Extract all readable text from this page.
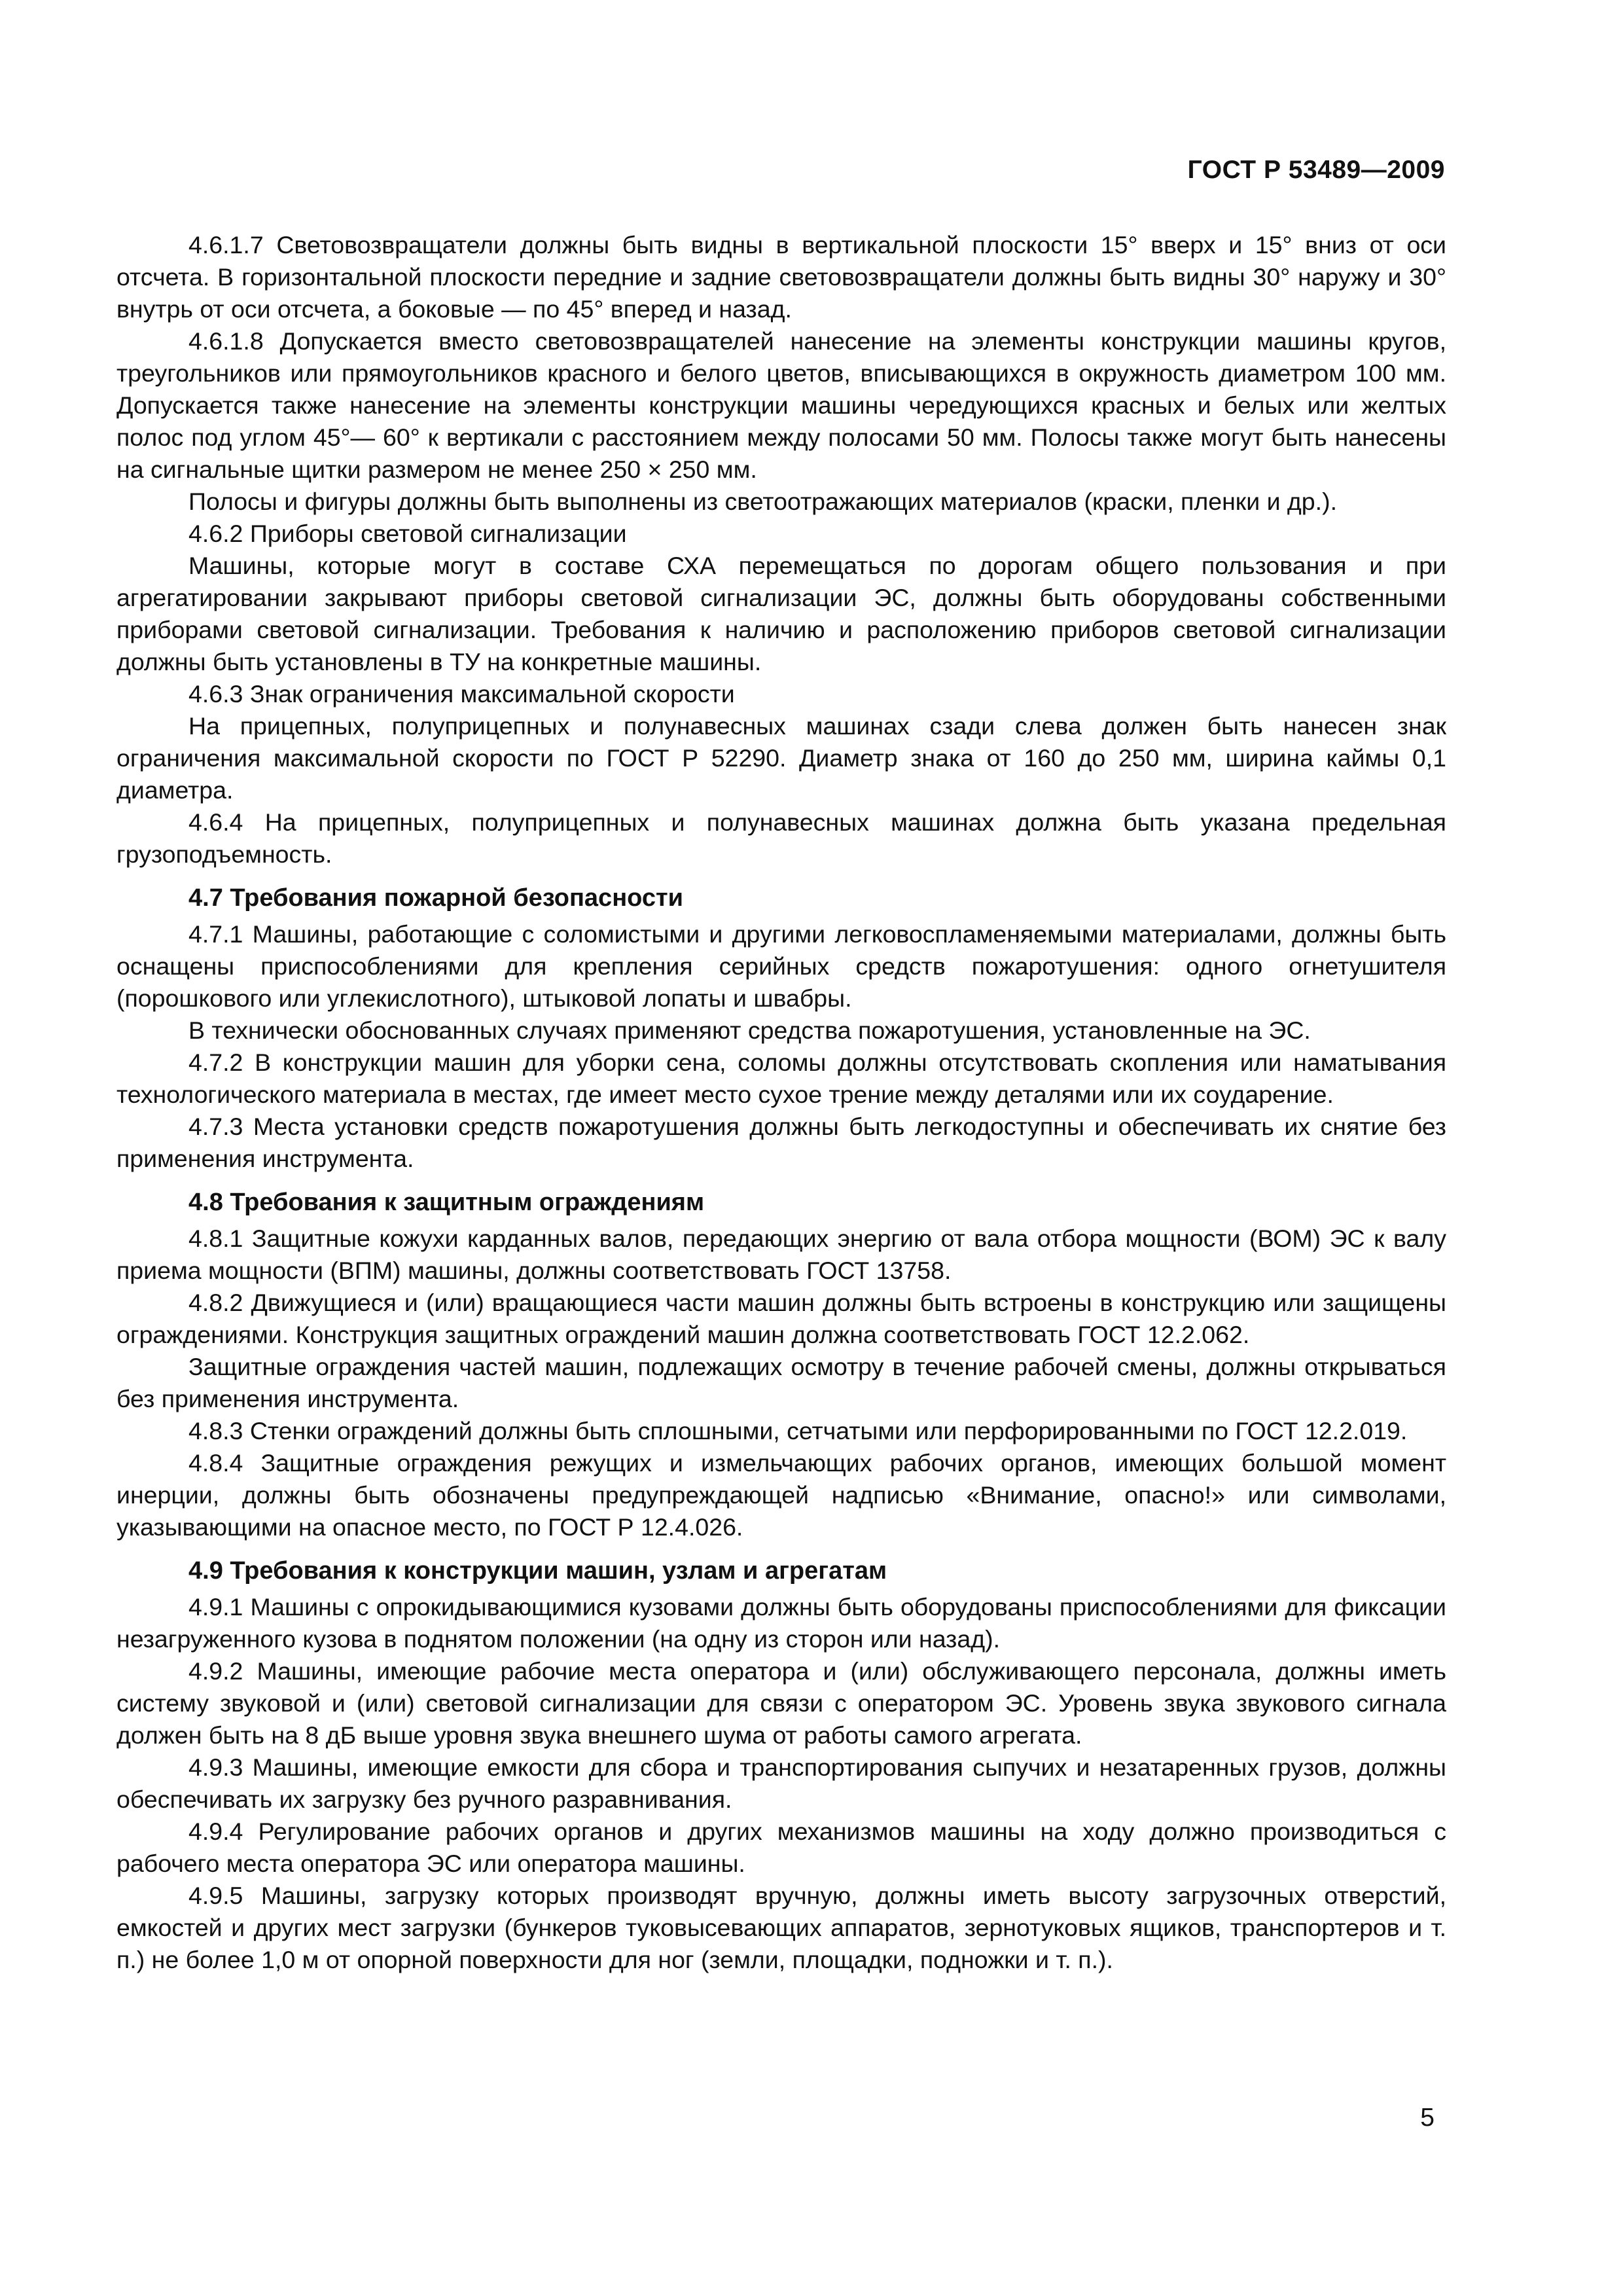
ГОСТ Р 53489—2009

4.6.1.7 Световозвращатели должны быть видны в вертикальной плоскости 15° вверх и 15° вниз от оси отсчета. В горизонтальной плоскости передние и задние световозвращатели должны быть видны 30° наружу и 30° внутрь от оси отсчета, а боковые — по 45° вперед и назад.

4.6.1.8 Допускается вместо световозвращателей нанесение на элементы конструкции машины кругов, треугольников или прямоугольников красного и белого цветов, вписывающихся в окружность диаметром 100 мм. Допускается также нанесение на элементы конструкции машины чередующихся красных и белых или желтых полос под углом 45°— 60° к вертикали с расстоянием между полосами 50 мм. Полосы также могут быть нанесены на сигнальные щитки размером не менее 250 × 250 мм.

Полосы и фигуры должны быть выполнены из светоотражающих материалов (краски, пленки и др.).

4.6.2 Приборы световой сигнализации

Машины, которые могут в составе СХА перемещаться по дорогам общего пользования и при агрегатировании закрывают приборы световой сигнализации ЭС, должны быть оборудованы собственными приборами световой сигнализации. Требования к наличию и расположению приборов световой сигнализации должны быть установлены в ТУ на конкретные машины.

4.6.3 Знак ограничения максимальной скорости

На прицепных, полуприцепных и полунавесных машинах сзади слева должен быть нанесен знак ограничения максимальной скорости по ГОСТ Р 52290. Диаметр знака от 160 до 250 мм, ширина каймы 0,1 диаметра.

4.6.4 На прицепных, полуприцепных и полунавесных машинах должна быть указана предельная грузоподъемность.

4.7 Требования пожарной безопасности

4.7.1 Машины, работающие с соломистыми и другими легковоспламеняемыми материалами, должны быть оснащены приспособлениями для крепления серийных средств пожаротушения: одного огнетушителя (порошкового или углекислотного), штыковой лопаты и швабры.

В технически обоснованных случаях применяют средства пожаротушения, установленные на ЭС.

4.7.2 В конструкции машин для уборки сена, соломы должны отсутствовать скопления или наматывания технологического материала в местах, где имеет место сухое трение между деталями или их соударение.

4.7.3 Места установки средств пожаротушения должны быть легкодоступны и обеспечивать их снятие без применения инструмента.

4.8 Требования к защитным ограждениям

4.8.1 Защитные кожухи карданных валов, передающих энергию от вала отбора мощности (ВОМ) ЭС к валу приема мощности (ВПМ) машины, должны соответствовать ГОСТ 13758.

4.8.2 Движущиеся и (или) вращающиеся части машин должны быть встроены в конструкцию или защищены ограждениями. Конструкция защитных ограждений машин должна соответствовать ГОСТ 12.2.062.

Защитные ограждения частей машин, подлежащих осмотру в течение рабочей смены, должны открываться без применения инструмента.

4.8.3 Стенки ограждений должны быть сплошными, сетчатыми или перфорированными по ГОСТ 12.2.019.

4.8.4 Защитные ограждения режущих и измельчающих рабочих органов, имеющих большой момент инерции, должны быть обозначены предупреждающей надписью «Внимание, опасно!» или символами, указывающими на опасное место, по ГОСТ Р 12.4.026.

4.9 Требования к конструкции машин, узлам и агрегатам

4.9.1 Машины с опрокидывающимися кузовами должны быть оборудованы приспособлениями для фиксации незагруженного кузова в поднятом положении (на одну из сторон или назад).

4.9.2 Машины, имеющие рабочие места оператора и (или) обслуживающего персонала, должны иметь систему звуковой и (или) световой сигнализации для связи с оператором ЭС. Уровень звука звукового сигнала должен быть на 8 дБ выше уровня звука внешнего шума от работы самого агрегата.

4.9.3 Машины, имеющие емкости для сбора и транспортирования сыпучих и незатаренных грузов, должны обеспечивать их загрузку без ручного разравнивания.

4.9.4 Регулирование рабочих органов и других механизмов машины на ходу должно производиться с рабочего места оператора ЭС или оператора машины.

4.9.5 Машины, загрузку которых производят вручную, должны иметь высоту загрузочных отверстий, емкостей и других мест загрузки (бункеров туковысевающих аппаратов, зернотуковых ящиков, транспортеров и т. п.) не более 1,0 м от опорной поверхности для ног (земли, площадки, подножки и т. п.).

5
